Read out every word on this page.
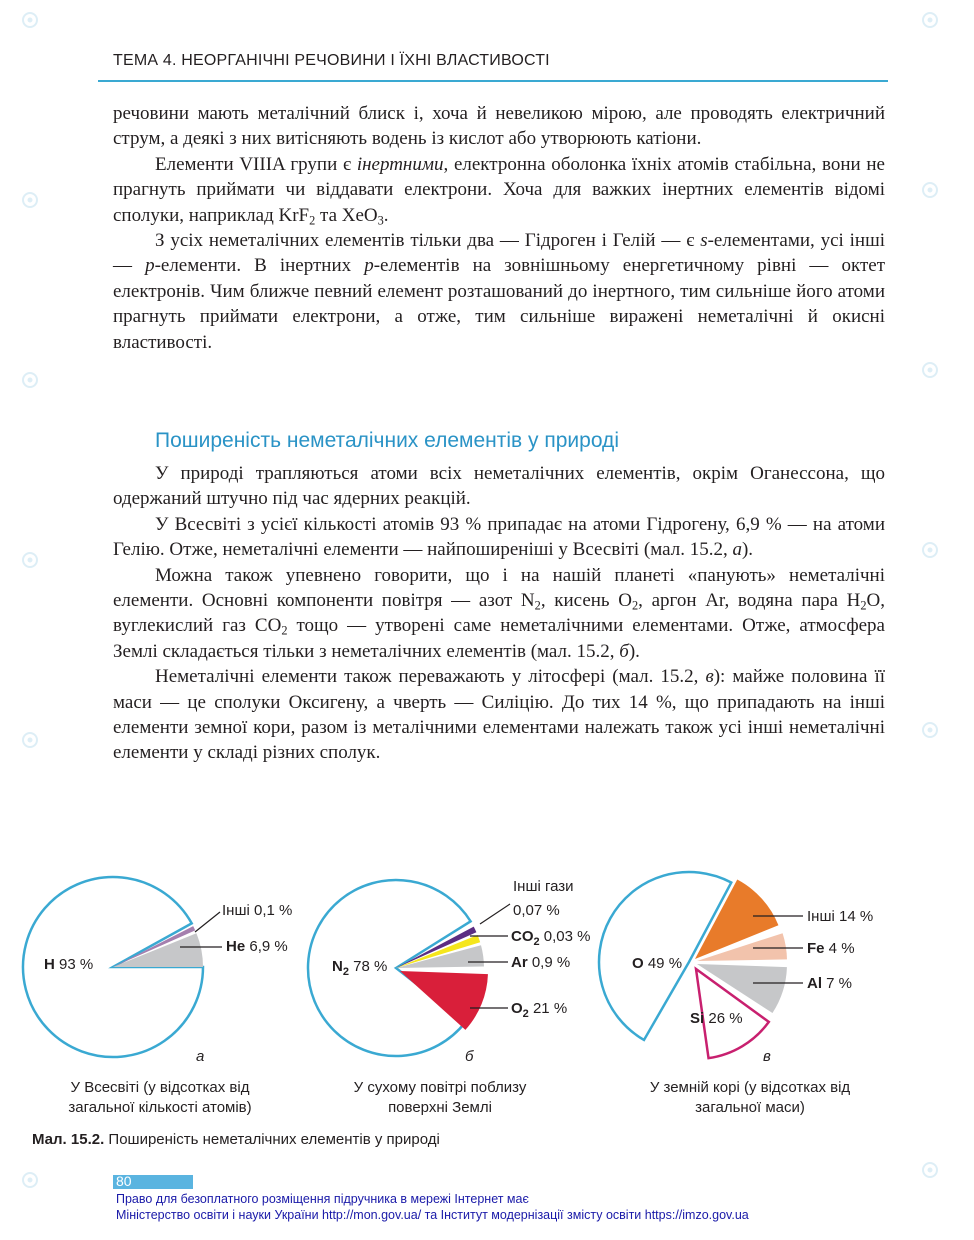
ТЕМА 4. НЕОРГАНІЧНІ РЕЧОВИНИ І ЇХНІ ВЛАСТИВОСТІ

речовини мають металічний блиск і, хоча й невеликою мірою, але проводять електричний струм, а деякі з них витісняють водень із кислот або утворюють катіони.

Елементи VIIIA групи є інертними, електронна оболонка їхніх атомів стабільна, вони не прагнуть приймати чи віддавати електрони. Хоча для важких інертних елементів відомі сполуки, наприклад KrF$_2$ та XeO$_3$.

З усіх неметалічних елементів тільки два — Гідроген і Гелій — є s-елементами, усі інші — p-елементи. В інертних p-елементів на зовнішньому енергетичному рівні — октет електронів. Чим ближче певний елемент розташований до інертного, тим сильніше його атоми прагнуть приймати електрони, а отже, тим сильніше виражені неметалічні й окисні властивості.

Поширеність неметалічних елементів у природі

У природі трапляються атоми всіх неметалічних елементів, окрім Оганессона, що одержаний штучно під час ядерних реакцій.

У Всесвіті з усієї кількості атомів 93 % припадає на атоми Гідрогену, 6,9 % — на атоми Гелію. Отже, неметалічні елементи — найпоширеніші у Всесвіті (мал. 15.2, а).

Можна також упевнено говорити, що і на нашій планеті «панують» неметалічні елементи. Основні компоненти повітря — азот $N_2$, кисень $O_2$, аргон Ar, водяна пара $H_2O$, вуглекислий газ $CO_2$ тощо — утворені саме неметалічними елементами. Отже, атмосфера Землі складається тільки з неметалічних елементів (мал. 15.2, б).

Неметалічні елементи також переважають у літосфері (мал. 15.2, в): майже половина її маси — це сполуки Оксигену, а чверть — Силіцію. До тих 14 %, що припадають на інші елементи земної кори, разом із металічними елементами належать також усі інші неметалічні елементи у складі різних сполук.

H 93 %
Інші 0,1 %
He 6,9 %
а
$N_2$ 78 %
Інші гази
0,07 %
$CO_2$ 0,03 %
Ar 0,9 %
$O_2$ 21 %
б
O 49 %
Si 26 %
Інші 14 %
Fe 4 %
Al 7 %
в
У Всесвіті (у відсотках від загальної кількості атомів)
У сухому повітрі поблизу поверхні Землі
У земній корі (у відсотках від загальної маси)
Мал. 15.2. Поширеність неметалічних елементів у природі
80
Право для безоплатного розміщення підручника в мережі Інтернет має
Міністерство освіти і науки України http://mon.gov.ua/ та Інститут модернізації змісту освіти https://imzo.gov.ua
